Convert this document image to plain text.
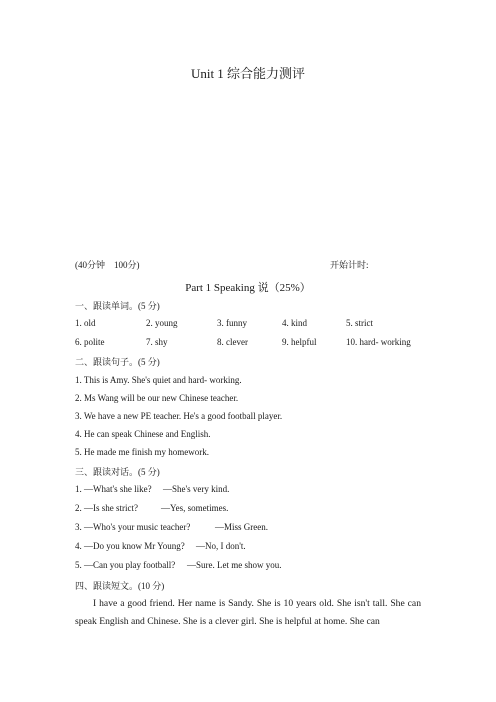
Unit 1 综合能力测评
(40分钟　100分)	开始计时:
Part 1 Speaking 说（25%）
一、跟读单词。(5 分)
1. old	2. young	3. funny	4. kind	5. strict
6. polite	7. shy	8. clever	9. helpful	10. hard- working
二、跟读句子。(5 分)
1. This is Amy. She's quiet and hard- working.
2. Ms Wang will be our new Chinese teacher.
3. We have a new PE teacher. He's a good football player.
4. He can speak Chinese and English.
5. He made me finish my homework.
三、跟读对话。(5 分)
1. —What's she like? —She's very kind.
2. —Is she strict?	—Yes, sometimes.
3. —Who's your music teacher?	—Miss Green.
4. —Do you know Mr Young? —No, I don't.
5. —Can you play football? —Sure. Let me show you.
四、跟读短文。(10 分)
I have a good friend. Her name is Sandy. She is 10 years old. She isn't tall. She can speak English and Chinese. She is a clever girl. She is helpful at home. She can
